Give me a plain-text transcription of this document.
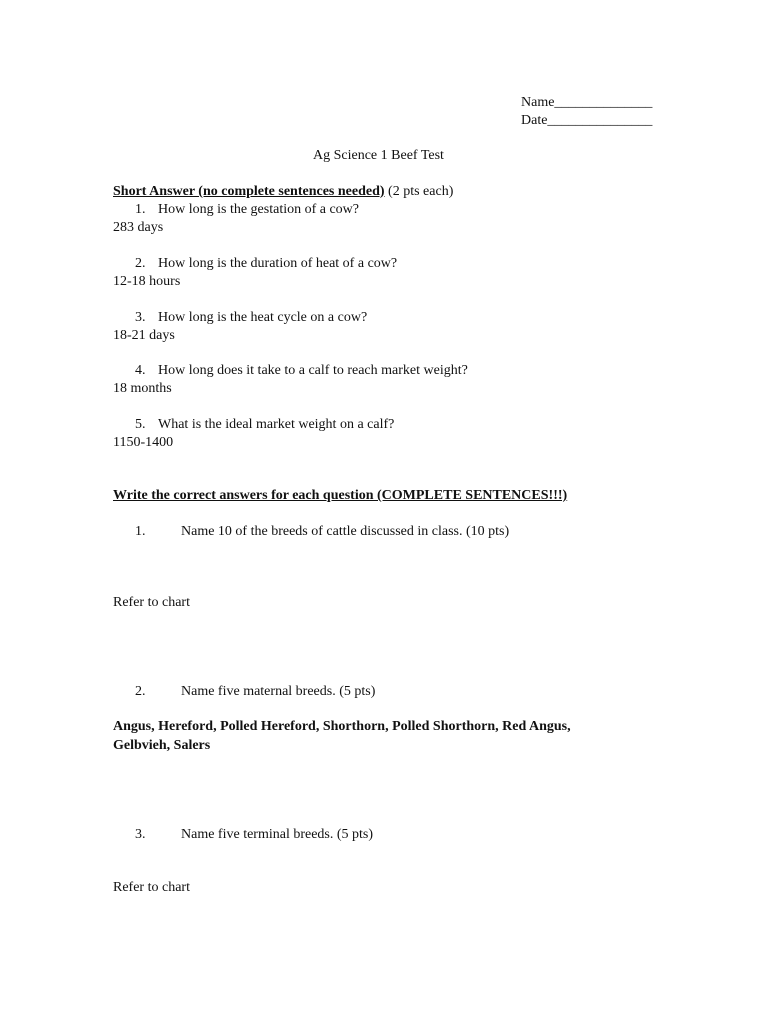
Name______________
Date_______________
Ag Science 1 Beef Test
Short Answer (no complete sentences needed) (2 pts each)
1. How long is the gestation of a cow?
283 days
2. How long is the duration of heat of a cow?
12-18 hours
3. How long is the heat cycle on a cow?
18-21 days
4. How long does it take to a calf to reach market weight?
18 months
5. What is the ideal market weight on a calf?
1150-1400
Write the correct answers for each question (COMPLETE SENTENCES!!!)
1.	Name 10 of the breeds of cattle discussed in class. (10 pts)
Refer to chart
2.	Name five maternal breeds. (5 pts)
Angus, Hereford, Polled Hereford, Shorthorn, Polled Shorthorn, Red Angus,
Gelbvieh, Salers
3.	Name five terminal breeds. (5 pts)
Refer to chart
